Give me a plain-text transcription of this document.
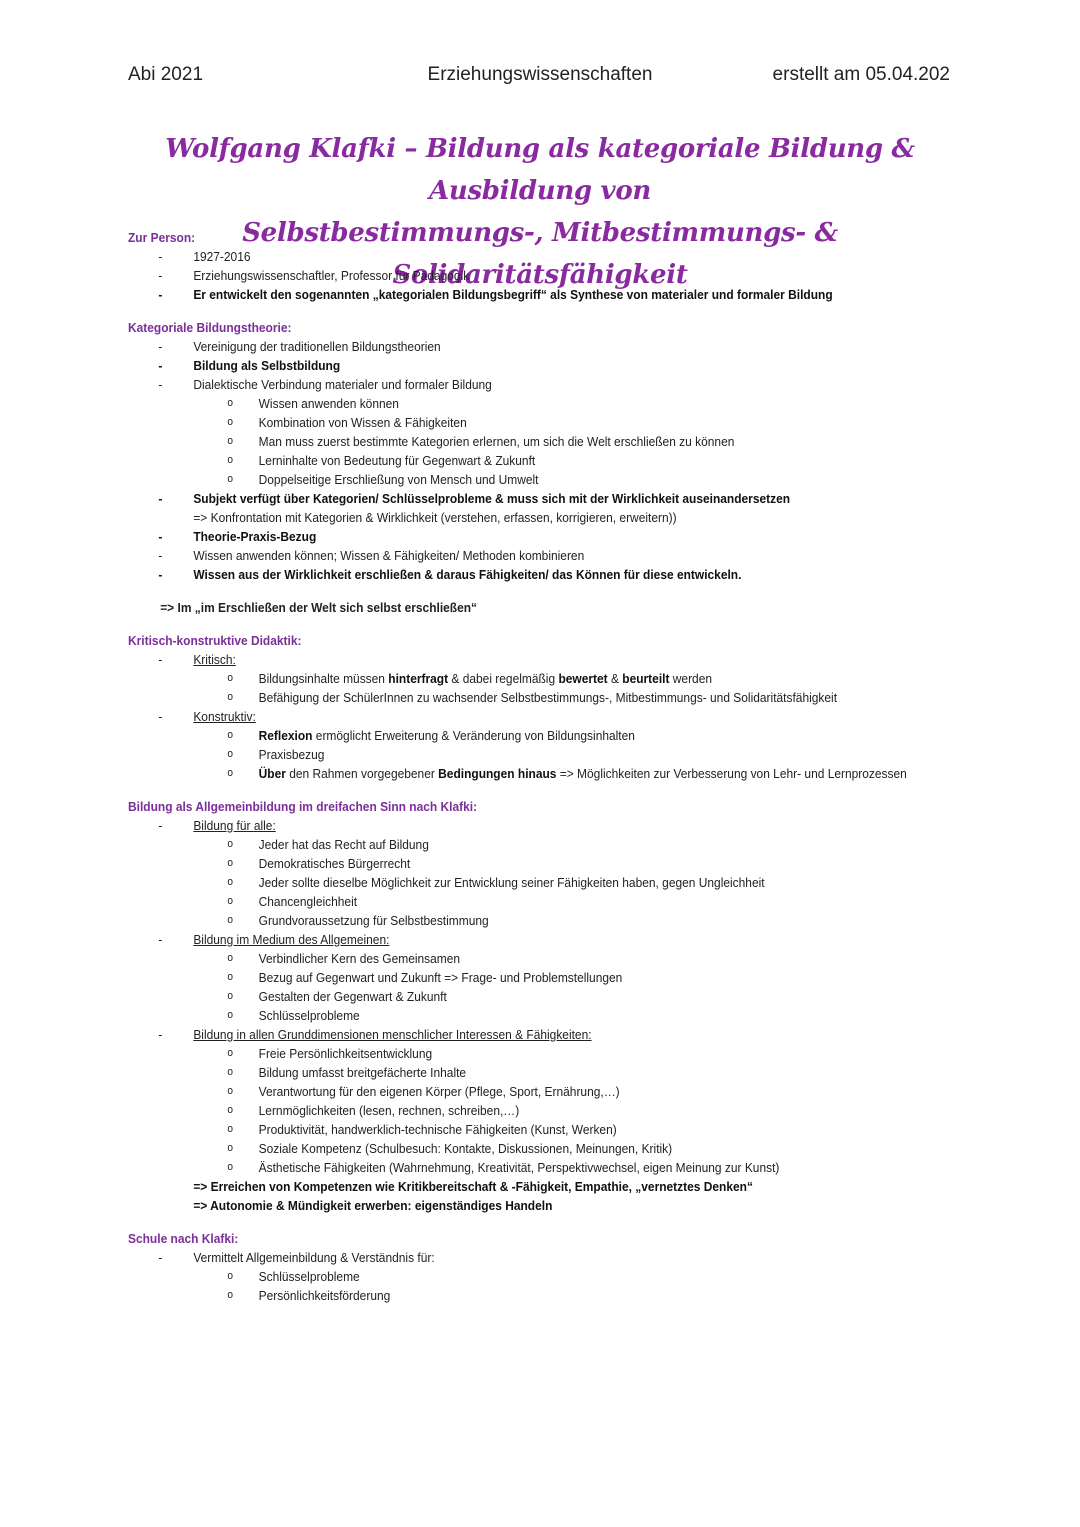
Abi 2021	Erziehungswissenschaften	erstellt am 05.04.202
Wolfgang Klafki – Bildung als kategoriale Bildung & Ausbildung von
Selbstbestimmungs-, Mitbestimmungs- & Solidaritätsfähigkeit
Zur Person:
- 1927-2016
- Erziehungswissenschaftler, Professor für Pädagogik
- Er entwickelt den sogenannten „kategorialen Bildungsbegriff“ als Synthese von materialer und formaler Bildung
Kategoriale Bildungstheorie:
- Vereinigung der traditionellen Bildungstheorien
- Bildung als Selbstbildung
- Dialektische Verbindung materialer und formaler Bildung
o Wissen anwenden können
o Kombination von Wissen & Fähigkeiten
o Man muss zuerst bestimmte Kategorien erlernen, um sich die Welt erschließen zu können
o Lerninhalte von Bedeutung für Gegenwart & Zukunft
o Doppelseitige Erschließung von Mensch und Umwelt
- Subjekt verfügt über Kategorien/ Schlüsselprobleme & muss sich mit der Wirklichkeit auseinandersetzen
=> Konfrontation mit Kategorien & Wirklichkeit (verstehen, erfassen, korrigieren, erweitern))
- Theorie-Praxis-Bezug
- Wissen anwenden können; Wissen & Fähigkeiten/ Methoden kombinieren
- Wissen aus der Wirklichkeit erschließen & daraus Fähigkeiten/ das Können für diese entwickeln.
=> Im „im Erschließen der Welt sich selbst erschließen“
Kritisch-konstruktive Didaktik:
- Kritisch:
o Bildungsinhalte müssen hinterfragt & dabei regelmäßig bewertet & beurteilt werden
o Befähigung der SchülerInnen zu wachsender Selbstbestimmungs-, Mitbestimmungs- und Solidaritätsfähigkeit
- Konstruktiv:
o Reflexion ermöglicht Erweiterung & Veränderung von Bildungsinhalten
o Praxisbezug
o Über den Rahmen vorgegebener Bedingungen hinaus => Möglichkeiten zur Verbesserung von Lehr- und Lernprozessen
Bildung als Allgemeinbildung im dreifachen Sinn nach Klafki:
- Bildung für alle:
o Jeder hat das Recht auf Bildung
o Demokratisches Bürgerrecht
o Jeder sollte dieselbe Möglichkeit zur Entwicklung seiner Fähigkeiten haben, gegen Ungleichheit
o Chancengleichheit
o Grundvoraussetzung für Selbstbestimmung
- Bildung im Medium des Allgemeinen:
o Verbindlicher Kern des Gemeinsamen
o Bezug auf Gegenwart und Zukunft => Frage- und Problemstellungen
o Gestalten der Gegenwart & Zukunft
o Schlüsselprobleme
- Bildung in allen Grunddimensionen menschlicher Interessen & Fähigkeiten:
o Freie Persönlichkeitsentwicklung
o Bildung umfasst breitgefächerte Inhalte
o Verantwortung für den eigenen Körper (Pflege, Sport, Ernährung,…)
o Lernmöglichkeiten (lesen, rechnen, schreiben,…)
o Produktivität, handwerklich-technische Fähigkeiten (Kunst, Werken)
o Soziale Kompetenz (Schulbesuch: Kontakte, Diskussionen, Meinungen, Kritik)
o Ästhetische Fähigkeiten (Wahrnehmung, Kreativität, Perspektivwechsel, eigen Meinung zur Kunst)
=> Erreichen von Kompetenzen wie Kritikbereitschaft & -Fähigkeit, Empathie, „vernetztes Denken“
=> Autonomie & Mündigkeit erwerben: eigenständiges Handeln
Schule nach Klafki:
- Vermittelt Allgemeinbildung & Verständnis für:
o Schlüsselprobleme
o Persönlichkeitsförderung
